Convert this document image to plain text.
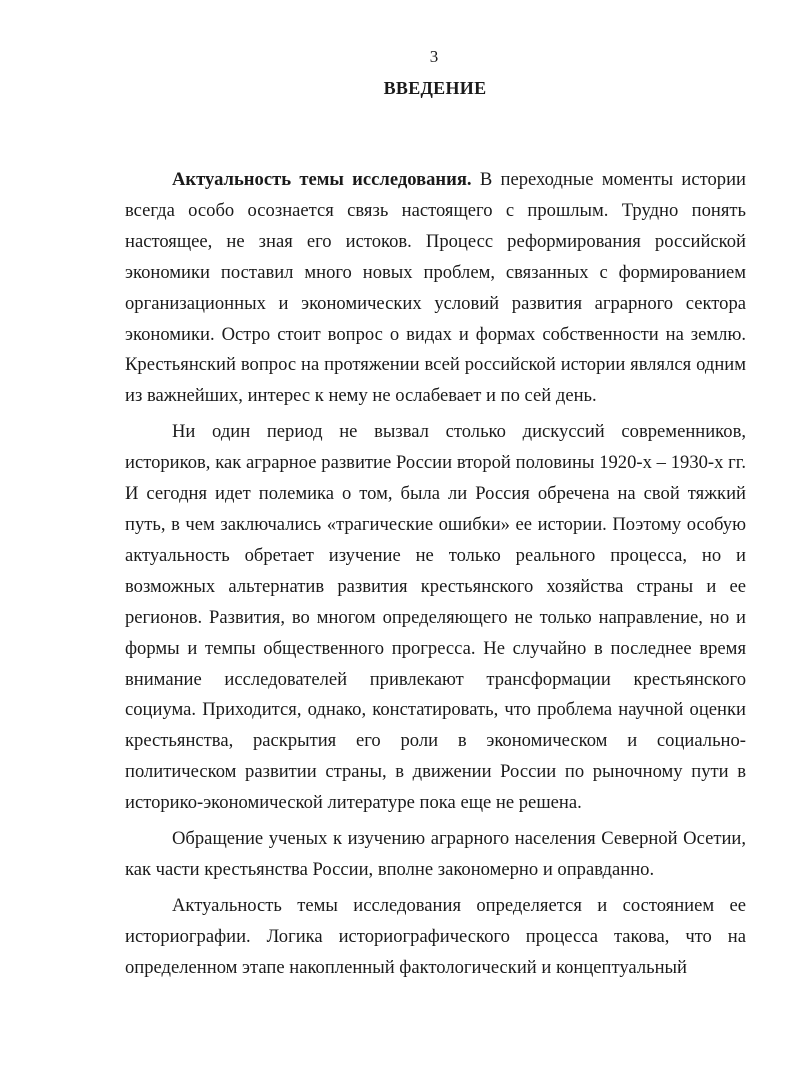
3
ВВЕДЕНИЕ

Актуальность темы исследования. В переходные моменты истории всегда особо осознается связь настоящего с прошлым. Трудно понять настоящее, не зная его истоков. Процесс реформирования российской экономики поставил много новых проблем, связанных с формированием организационных и экономических условий развития аграрного сектора экономики. Остро стоит вопрос о видах и формах собственности на землю. Крестьянский вопрос на протяжении всей российской истории являлся одним из важнейших, интерес к нему не ослабевает и по сей день.

Ни один период не вызвал столько дискуссий современников, историков, как аграрное развитие России второй половины 1920-х – 1930-х гг. И сегодня идет полемика о том, была ли Россия обречена на свой тяжкий путь, в чем заключались «трагические ошибки» ее истории. Поэтому особую актуальность обретает изучение не только реального процесса, но и возможных альтернатив развития крестьянского хозяйства страны и ее регионов. Развития, во многом определяющего не только направление, но и формы и темпы общественного прогресса. Не случайно в последнее время внимание исследователей привлекают трансформации крестьянского социума. Приходится, однако, констатировать, что проблема научной оценки крестьянства, раскрытия его роли в экономическом и социально-политическом развитии страны, в движении России по рыночному пути в историко-экономической литературе пока еще не решена.

Обращение ученых к изучению аграрного населения Северной Осетии, как части крестьянства России, вполне закономерно и оправданно.

Актуальность темы исследования определяется и состоянием ее историографии. Логика историографического процесса такова, что на определенном этапе накопленный фактологический и концептуальный
